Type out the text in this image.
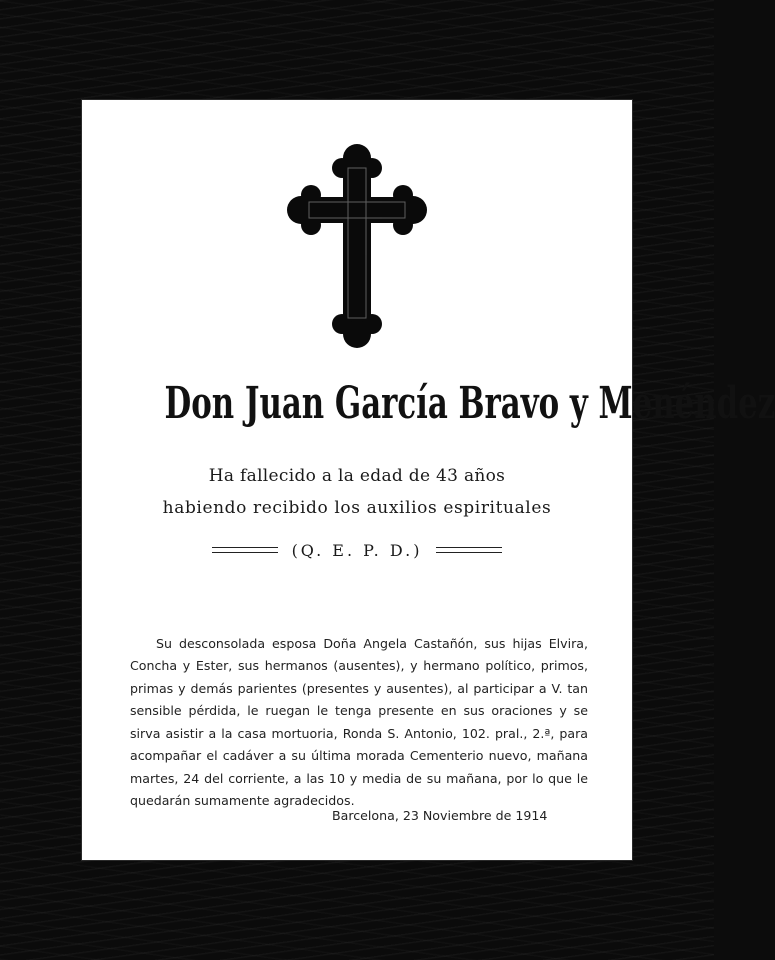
Don Juan García Bravo y Menéndez
Ha fallecido a la edad de 43 años
habiendo recibido los auxilios espirituales
(Q. E. P. D.)

Su desconsolada esposa Doña Angela Castañón, sus hijas Elvira, Concha y Ester, sus hermanos (ausentes), y hermano político, primos, primas y demás parientes (presentes y ausentes), al participar a V. tan sensible pérdida, le ruegan le tenga presente en sus oraciones y se sirva asistir a la casa mortuoria, Ronda S. Antonio, 102. pral., 2.ª, para acompañar el cadáver a su última morada Cementerio nuevo, mañana martes, 24 del corriente, a las 10 y media de su mañana, por lo que le quedarán sumamente agradecidos.

Barcelona, 23 Noviembre de 1914
